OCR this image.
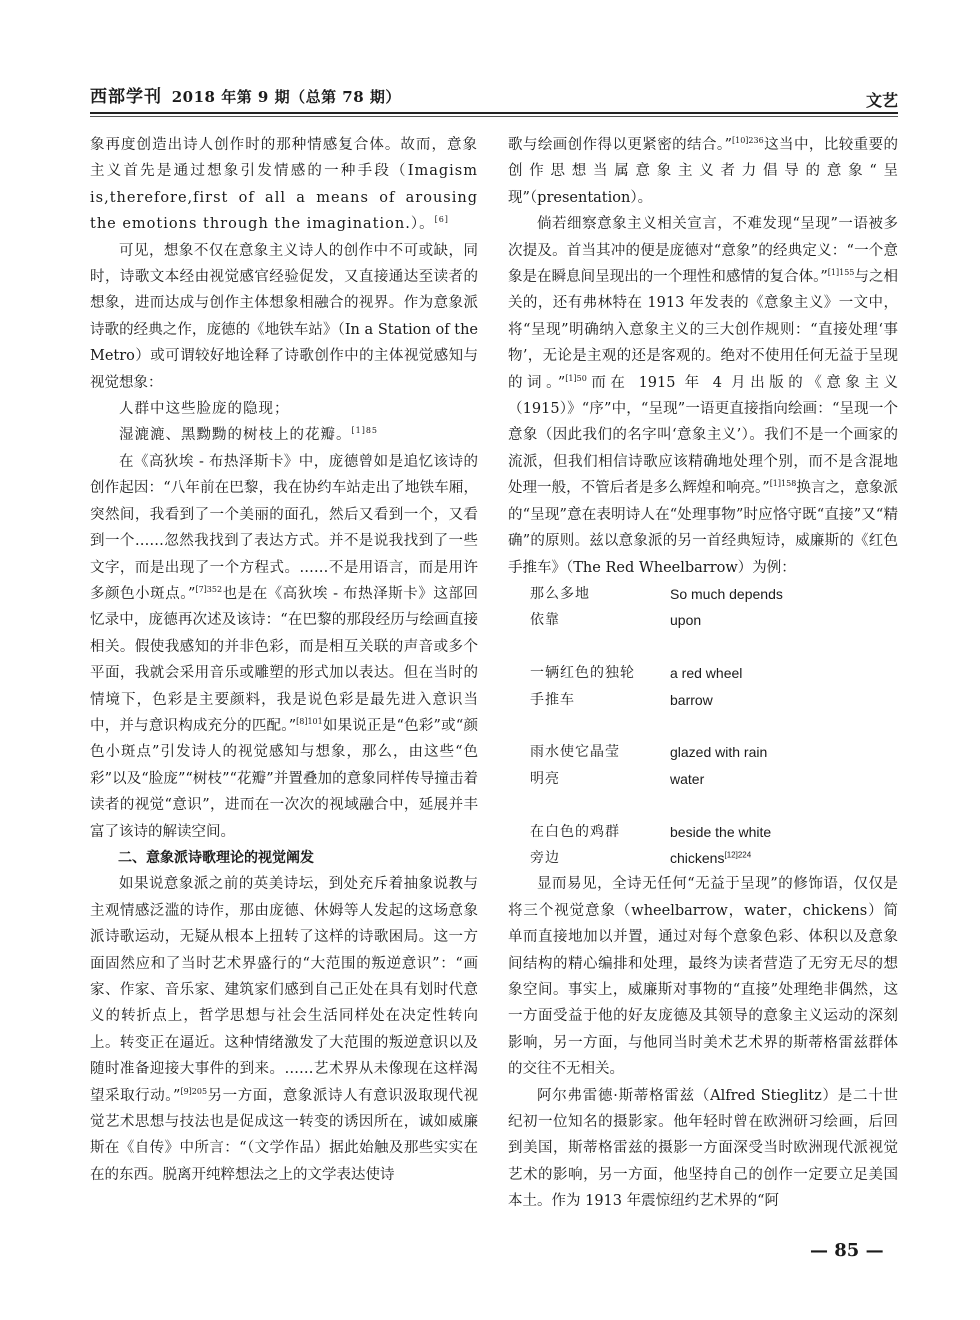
西部学刊 2018 年第 9 期（总第 78 期）	文艺

象再度创造出诗人创作时的那种情感复合体。故而，意象主义首先是通过想象引发情感的一种手段（Imagism is,therefore,first of all a means of arousing the emotions through the imagination.）。[6]

可见，想象不仅在意象主义诗人的创作中不可或缺，同时，诗歌文本经由视觉感官经验促发，又直接通达至读者的想象，进而达成与创作主体想象相融合的视界。作为意象派诗歌的经典之作，庞德的《地铁车站》（In a Station of the Metro）或可谓较好地诠释了诗歌创作中的主体视觉感知与视觉想象：

人群中这些脸庞的隐现；

湿漉漉、黑黝黝的树枝上的花瓣。$^{[1]85}$

在《高狄埃 - 布热泽斯卡》中，庞德曾如是追忆该诗的创作起因：“八年前在巴黎，我在协约车站走出了地铁车厢，突然间，我看到了一个美丽的面孔，然后又看到一个，又看到一个……忽然我找到了表达方式。并不是说我找到了一些文字，而是出现了一个方程式。……不是用语言，而是用许多颜色小斑点。”$^{[7]352}$也是在《高狄埃 - 布热泽斯卡》这部回忆录中，庞德再次述及该诗：“在巴黎的那段经历与绘画直接相关。假使我感知的并非色彩，而是相互关联的声音或多个平面，我就会采用音乐或雕塑的形式加以表达。但在当时的情境下，色彩是主要颜料，我是说色彩是最先进入意识当中，并与意识构成充分的匹配。”$^{[8]101}$如果说正是“色彩”或“颜色小斑点”引发诗人的视觉感知与想象，那么，由这些“色彩”以及“脸庞”“树枝”“花瓣”并置叠加的意象同样传导撞击着读者的视觉“意识”，进而在一次次的视域融合中，延展并丰富了该诗的解读空间。

二、意象派诗歌理论的视觉阐发

如果说意象派之前的英美诗坛，到处充斥着抽象说教与主观情感泛滥的诗作，那由庞德、休姆等人发起的这场意象派诗歌运动，无疑从根本上扭转了这样的诗歌困局。这一方面固然应和了当时艺术界盛行的“大范围的叛逆意识”：“画家、作家、音乐家、建筑家们感到自己正处在具有划时代意义的转折点上，哲学思想与社会生活同样处在决定性转向上。转变正在逼近。这种情绪激发了大范围的叛逆意识以及随时准备迎接大事件的到来。……艺术界从未像现在这样渴望采取行动。”$^{[9]205}$另一方面，意象派诗人有意识汲取现代视觉艺术思想与技法也是促成这一转变的诱因所在，诚如威廉斯在《自传》中所言：“（文学作品）据此始触及那些实实在在的东西。脱离开纯粹想法之上的文学表达使诗

歌与绘画创作得以更紧密的结合。”$^{[10]236}$这当中，比较重要的创作思想当属意象主义者力倡导的意象“呈现”（presentation）。

倘若细察意象主义相关宣言，不难发现“呈现”一语被多次提及。首当其冲的便是庞德对“意象”的经典定义：“一个意象是在瞬息间呈现出的一个理性和感情的复合体。”$^{[1]155}$与之相关的，还有弗林特在 1913 年发表的《意象主义》一文中，将“呈现”明确纳入意象主义的三大创作规则：“直接处理‘事物’，无论是主观的还是客观的。绝对不使用任何无益于呈现的词。”$^{[1]50}$而在 1915 年 4 月出版的《意象主义（1915）》“序”中，“呈现”一语更直接指向绘画：“呈现一个意象（因此我们的名字叫‘意象主义’）。我们不是一个画家的流派，但我们相信诗歌应该精确地处理个别，而不是含混地处理一般，不管后者是多么辉煌和响亮。”$^{[1]158}$换言之，意象派的“呈现”意在表明诗人在“处理事物”时应恪守既“直接”又“精确”的原则。兹以意象派的另一首经典短诗，威廉斯的《红色手推车》（The Red Wheelbarrow）为例：

那么多地	So much depends
依靠	upon

一辆红色的独轮	a red wheel
手推车	barrow

雨水使它晶莹	glazed with rain
明亮	water

在白色的鸡群	beside the white
旁边	chickens$^{[12]224}$

显而易见，全诗无任何“无益于呈现”的修饰语，仅仅是将三个视觉意象（wheelbarrow，water，chickens）简单而直接地加以并置，通过对每个意象色彩、体积以及意象间结构的精心编排和处理，最终为读者营造了无穷无尽的想象空间。事实上，威廉斯对事物的“直接”处理绝非偶然，这一方面受益于他的好友庞德及其领导的意象主义运动的深刻影响，另一方面，与他同当时美术艺术界的斯蒂格雷兹群体的交往不无相关。

阿尔弗雷德·斯蒂格雷兹（Alfred Stieglitz）是二十世纪初一位知名的摄影家。他年轻时曾在欧洲研习绘画，后回到美国，斯蒂格雷兹的摄影一方面深受当时欧洲现代派视觉艺术的影响，另一方面，他坚持自己的创作一定要立足美国本土。作为 1913 年震惊纽约艺术界的“阿

— 85 —
